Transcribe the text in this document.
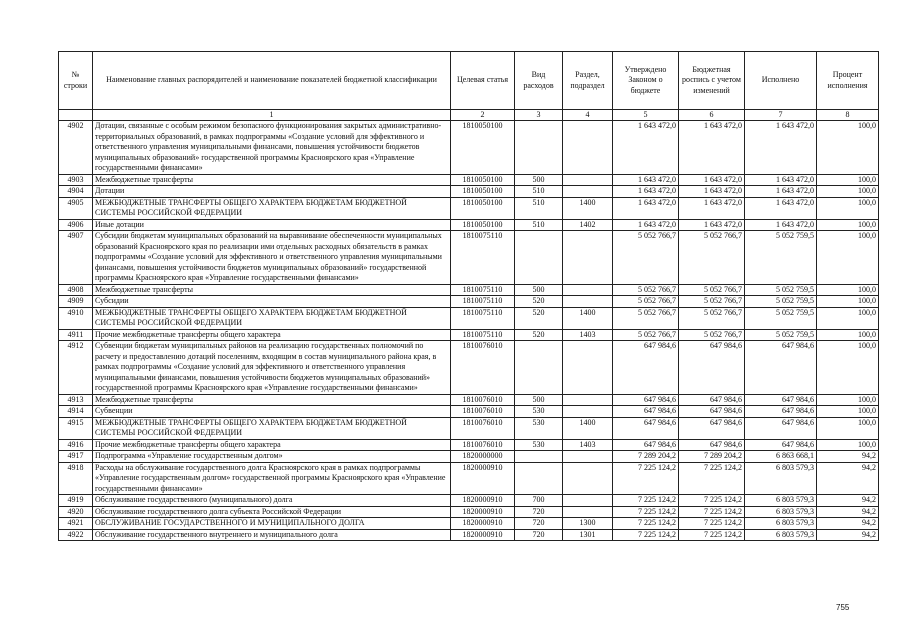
№ строки	Наименование главных распорядителей и наименование показателей бюджетной классификации	Целевая статья	Вид расходов	Раздел, подраздел	Утверждено Законом о бюджете	Бюджетная роспись с учетом изменений	Исполнено	Процент исполнения
	1	2	3	4	5	6	7	8
4902	Дотации, связанные с особым режимом безопасного функционирования закрытых административно-территориальных образований, в рамках подпрограммы «Создание условий для эффективного и ответственного управления муниципальными финансами, повышения устойчивости бюджетов муниципальных образований» государственной программы Красноярского края «Управление государственными финансами»	1810050100			1 643 472,0	1 643 472,0	1 643 472,0	100,0
4903	Межбюджетные трансферты	1810050100	500		1 643 472,0	1 643 472,0	1 643 472,0	100,0
4904	Дотации	1810050100	510		1 643 472,0	1 643 472,0	1 643 472,0	100,0
4905	МЕЖБЮДЖЕТНЫЕ ТРАНСФЕРТЫ ОБЩЕГО ХАРАКТЕРА БЮДЖЕТАМ БЮДЖЕТНОЙ СИСТЕМЫ РОССИЙСКОЙ ФЕДЕРАЦИИ	1810050100	510	1400	1 643 472,0	1 643 472,0	1 643 472,0	100,0
4906	Иные дотации	1810050100	510	1402	1 643 472,0	1 643 472,0	1 643 472,0	100,0
4907	Субсидии бюджетам муниципальных образований на выравнивание обеспеченности муниципальных образований Красноярского края по реализации ими отдельных расходных обязательств в рамках подпрограммы «Создание условий для эффективного и ответственного управления муниципальными финансами, повышения устойчивости бюджетов муниципальных образований» государственной программы Красноярского края «Управление государственными финансами»	1810075110			5 052 766,7	5 052 766,7	5 052 759,5	100,0
4908	Межбюджетные трансферты	1810075110	500		5 052 766,7	5 052 766,7	5 052 759,5	100,0
4909	Субсидии	1810075110	520		5 052 766,7	5 052 766,7	5 052 759,5	100,0
4910	МЕЖБЮДЖЕТНЫЕ ТРАНСФЕРТЫ ОБЩЕГО ХАРАКТЕРА БЮДЖЕТАМ БЮДЖЕТНОЙ СИСТЕМЫ РОССИЙСКОЙ ФЕДЕРАЦИИ	1810075110	520	1400	5 052 766,7	5 052 766,7	5 052 759,5	100,0
4911	Прочие межбюджетные трансферты общего характера	1810075110	520	1403	5 052 766,7	5 052 766,7	5 052 759,5	100,0
4912	Субвенции бюджетам муниципальных районов на реализацию государственных полномочий по расчету и предоставлению дотаций поселениям, входящим в состав муниципального района края, в рамках подпрограммы «Создание условий для эффективного и ответственного управления муниципальными финансами, повышения устойчивости бюджетов муниципальных образований» государственной программы Красноярского края «Управление государственными финансами»	1810076010			647 984,6	647 984,6	647 984,6	100,0
4913	Межбюджетные трансферты	1810076010	500		647 984,6	647 984,6	647 984,6	100,0
4914	Субвенции	1810076010	530		647 984,6	647 984,6	647 984,6	100,0
4915	МЕЖБЮДЖЕТНЫЕ ТРАНСФЕРТЫ ОБЩЕГО ХАРАКТЕРА БЮДЖЕТАМ БЮДЖЕТНОЙ СИСТЕМЫ РОССИЙСКОЙ ФЕДЕРАЦИИ	1810076010	530	1400	647 984,6	647 984,6	647 984,6	100,0
4916	Прочие межбюджетные трансферты общего характера	1810076010	530	1403	647 984,6	647 984,6	647 984,6	100,0
4917	Подпрограмма «Управление государственным долгом»	1820000000			7 289 204,2	7 289 204,2	6 863 668,1	94,2
4918	Расходы на обслуживание государственного долга Красноярского края в рамках подпрограммы «Управление государственным долгом» государственной программы Красноярского края «Управление государственными финансами»	1820000910			7 225 124,2	7 225 124,2	6 803 579,3	94,2
4919	Обслуживание государственного (муниципального) долга	1820000910	700		7 225 124,2	7 225 124,2	6 803 579,3	94,2
4920	Обслуживание государственного долга субъекта Российской Федерации	1820000910	720		7 225 124,2	7 225 124,2	6 803 579,3	94,2
4921	ОБСЛУЖИВАНИЕ ГОСУДАРСТВЕННОГО И МУНИЦИПАЛЬНОГО ДОЛГА	1820000910	720	1300	7 225 124,2	7 225 124,2	6 803 579,3	94,2
4922	Обслуживание государственного внутреннего и муниципального долга	1820000910	720	1301	7 225 124,2	7 225 124,2	6 803 579,3	94,2
755
